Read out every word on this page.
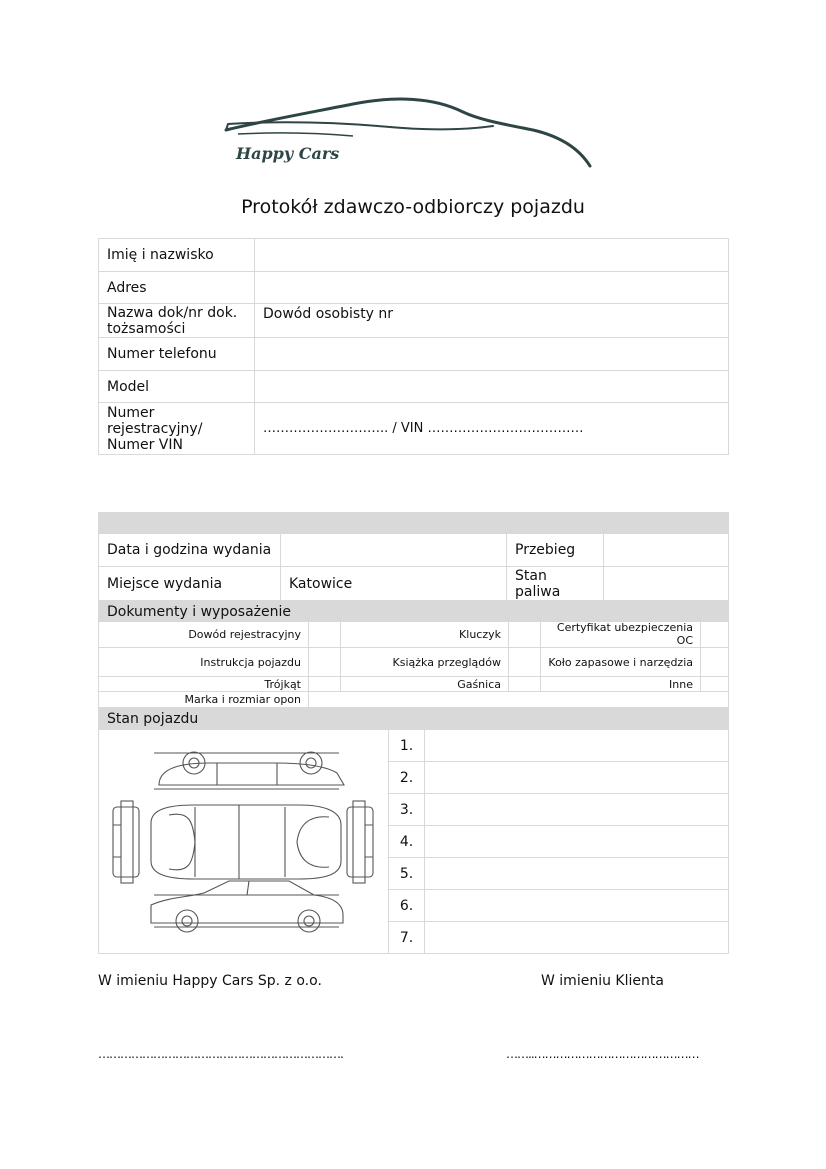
Happy Cars
Protokół zdawczo-odbiorczy pojazdu
Imię i nazwisko	
Adres	
Nazwa dok/nr dok. tożsamości	Dowód osobisty nr
Numer telefonu	
Model	
Numer rejestracyjny/ Numer VIN	……………………….. / VIN ………………………………

Data i godzina wydania		Przebieg	
Miejsce wydania	Katowice	Stan paliwa	
Dokumenty i wyposażenie			
Dowód rejestracyjny		Kluczyk		Certyfikat ubezpieczenia OC	
Instrukcja pojazdu		Książka przeglądów		Koło zapasowe i narzędzia	
Trójkąt		Gaśnica		Inne	
Marka i rozmiar opon					
Stan pojazdu		
	1.	
	2.	
	3.	
	4.	
	5.	
	6.	
	7.	
W imieniu Happy Cars Sp. z o.o.	W imieniu Klienta
………………………………………………………….	……..………………………………………
